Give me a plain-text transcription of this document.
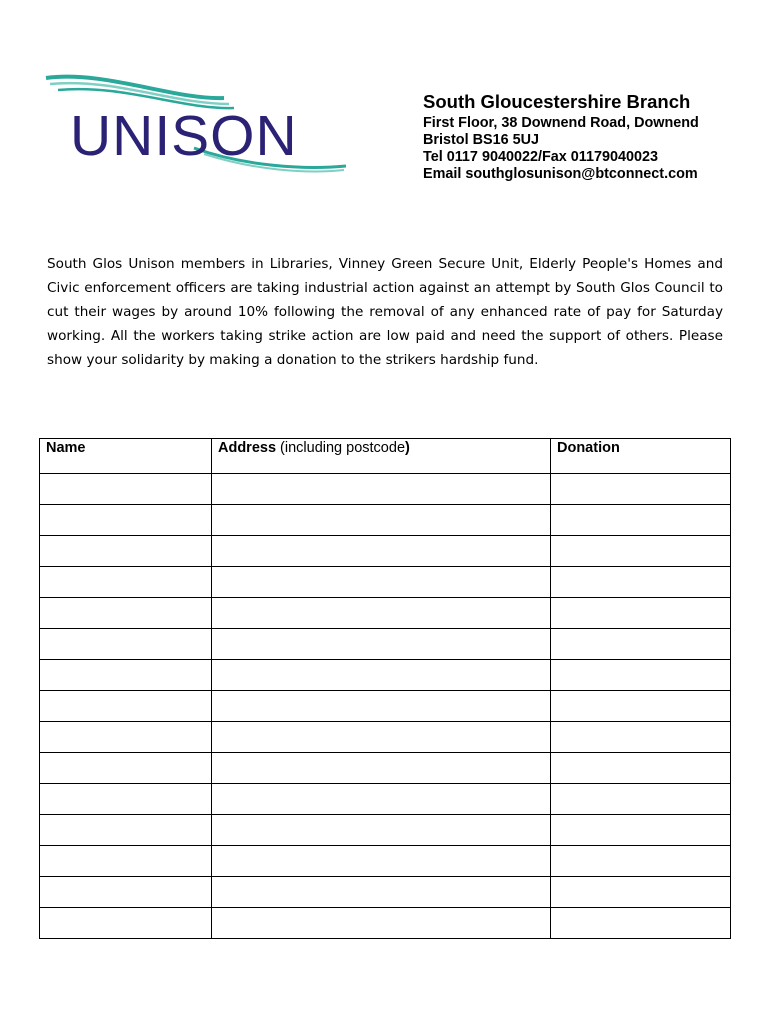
UNISON
South Gloucestershire Branch
First Floor, 38 Downend Road, Downend
Bristol BS16 5UJ
Tel 0117 9040022/Fax 01179040023
Email southglosunison@btconnect.com

South Glos Unison members in Libraries, Vinney Green Secure Unit, Elderly People's Homes and Civic enforcement officers are taking industrial action against an attempt by South Glos Council to cut their wages by around 10% following the removal of any enhanced rate of pay for Saturday working. All the workers taking strike action are low paid and need the support of others. Please show your solidarity by making a donation to the strikers hardship fund.

Name	Address (including postcode)	Donation
